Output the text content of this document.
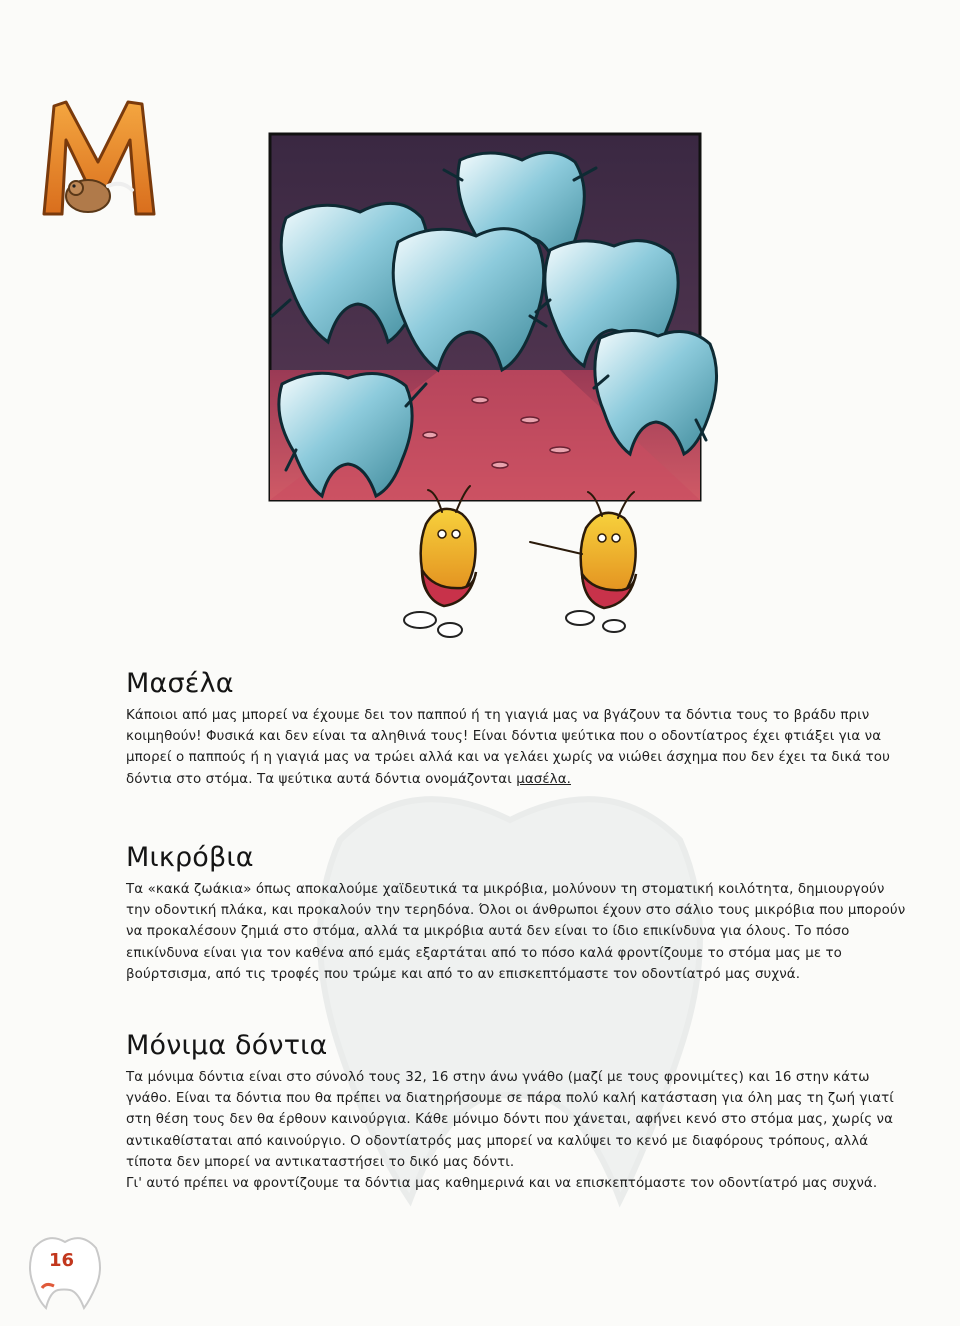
Μασέλα

Κάποιοι από μας μπορεί να έχουμε δει τον παππού ή τη γιαγιά μας να βγάζουν τα δόντια τους το βράδυ πριν κοιμηθούν! Φυσικά και δεν είναι τα αληθινά τους! Είναι δόντια ψεύτικα που ο οδοντίατρος έχει φτιάξει για να μπορεί ο παππούς ή η γιαγιά μας να τρώει αλλά και να γελάει χωρίς να νιώθει άσχημα που δεν έχει τα δικά του δόντια στο στόμα. Τα ψεύτικα αυτά δόντια ονομάζονται μασέλα.

Μικρόβια

Τα «κακά ζωάκια» όπως αποκαλούμε χαϊδευτικά τα μικρόβια, μολύνουν τη στοματική κοιλότητα, δημιουργούν την οδοντική πλάκα, και προκαλούν την τερηδόνα. Όλοι οι άνθρωποι έχουν στο σάλιο τους μικρόβια που μπορούν να προκαλέσουν ζημιά στο στόμα, αλλά τα μικρόβια αυτά δεν είναι το ίδιο επικίνδυνα για όλους. Το πόσο επικίνδυνα είναι για τον καθένα από εμάς εξαρτάται από το πόσο καλά φροντίζουμε το στόμα μας με το βούρτσισμα, από τις τροφές που τρώμε και από το αν επισκεπτόμαστε τον οδοντίατρό μας συχνά.

Μόνιμα δόντια

Τα μόνιμα δόντια είναι στο σύνολό τους 32, 16 στην άνω γνάθο (μαζί με τους φρονιμίτες) και 16 στην κάτω γνάθο. Είναι τα δόντια που θα πρέπει να διατηρήσουμε σε πάρα πολύ καλή κατάσταση για όλη μας τη ζωή γιατί στη θέση τους δεν θα έρθουν καινούργια. Κάθε μόνιμο δόντι που χάνεται, αφήνει κενό στο στόμα μας, χωρίς να αντικαθίσταται από καινούργιο. Ο οδοντίατρός μας μπορεί να καλύψει το κενό με διαφόρους τρόπους, αλλά τίποτα δεν μπορεί να αντικαταστήσει το δικό μας δόντι.

Γι' αυτό πρέπει να φροντίζουμε τα δόντια μας καθημερινά και να επισκεπτόμαστε τον οδοντίατρό μας συχνά.

16
